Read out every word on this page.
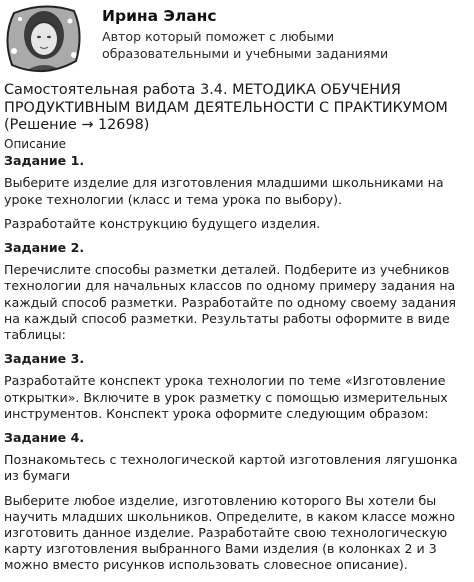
Ирина Эланс
Автор который поможет с любыми образовательными и учебными заданиями
Самостоятельная работа 3.4. МЕТОДИКА ОБУЧЕНИЯ ПРОДУКТИВНЫМ ВИДАМ ДЕЯТЕЛЬНОСТИ С ПРАКТИКУМОМ
(Решение → 12698)
Описание
Задание 1.

Выберите изделие для изготовления младшими школьниками на уроке технологии (класс и тема урока по выбору).

Разработайте конструкцию будущего изделия.

Задание 2.

Перечислите способы разметки деталей. Подберите из учебников технологии для начальных классов по одному примеру задания на каждый способ разметки. Разработайте по одному своему задания на каждый способ разметки. Результаты работы оформите в виде таблицы:

Задание 3.

Разработайте конспект урока технологии по теме «Изготовление открытки». Включите в урок разметку с помощью измерительных инструментов. Конспект урока оформите следующим образом:

Задание 4.

Познакомьтесь с технологической картой изготовления лягушонка из бумаги

Выберите любое изделие, изготовлению которого Вы хотели бы научить младших школьников. Определите, в каком классе можно изготовить данное изделие. Разработайте свою технологическую карту изготовления выбранного Вами изделия (в колонках 2 и 3 можно вместо рисунков использовать словесное описание).
